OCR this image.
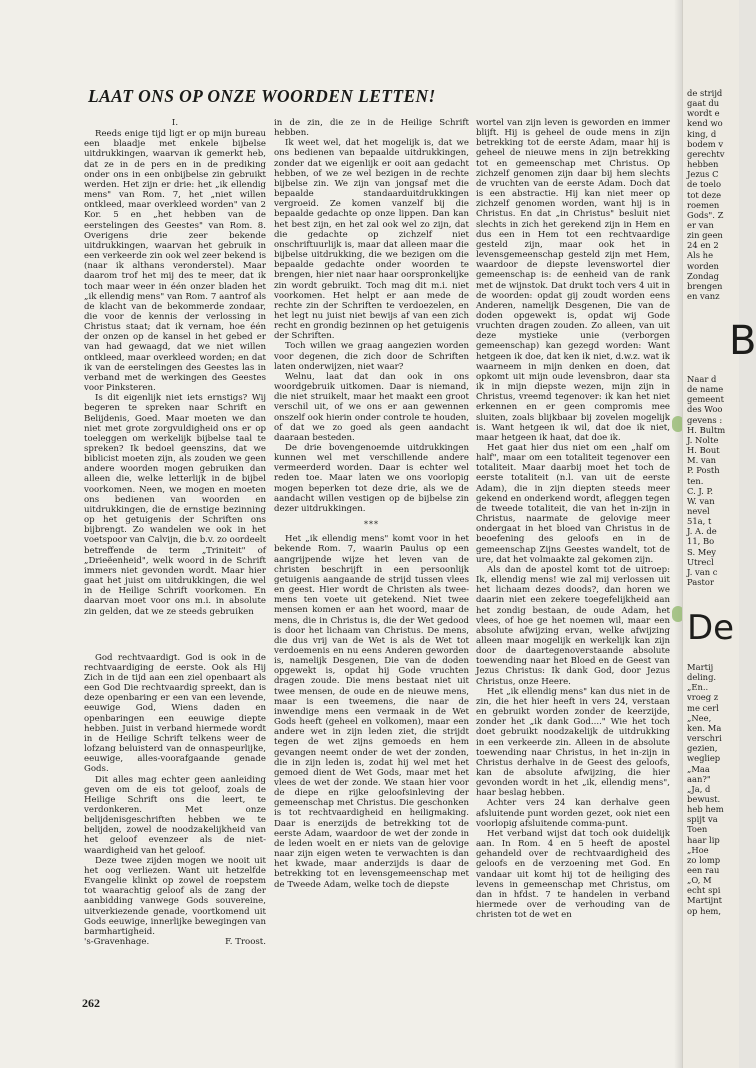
LAAT ONS OP ONZE WOORDEN LETTEN!

I.

Reeds enige tijd ligt er op mijn bureau een blaadje met enkele bijbelse uitdrukkingen, waarvan ik gemerkt heb, dat ze in de pers en in de prediking onder ons in een onbijbelse zin gebruikt werden. Het zijn er drie: het „ik ellendig mens" van Rom. 7, het „niet willen ontkleed, maar overkleed worden" van 2 Kor. 5 en „het hebben van de eerstelingen des Geestes" van Rom. 8. Overigens drie zeer bekende uitdrukkingen, waarvan het gebruik in een verkeerde zin ook wel zeer bekend is (naar ik althans veronderstel). Maar daarom trof het mij des te meer, dat ik toch maar weer in één onzer bladen het „ik ellendig mens" van Rom. 7 aantrof als de klacht van de bekommerde zondaar, die voor de kennis der verlossing in Christus staat; dat ik vernam, hoe één der onzen op de kansel in het gebed er van had gewaagd, dat we niet willen ontkleed, maar overkleed worden; en dat ik van de eerstelingen des Geestes las in verband met de werkingen des Geestes voor Pinksteren.

Is dit eigenlijk niet iets ernstigs? Wij begeren te spreken naar Schrift en Belijdenis, Goed. Maar moeten we dan niet met grote zorgvuldigheid ons er op toeleggen om werkelijk bijbelse taal te spreken? Ik bedoel geenszins, dat we biblicist moeten zijn, als zouden we geen andere woorden mogen gebruiken dan alleen die, welke letterlijk in de bijbel voorkomen. Neen, we mogen en moeten ons bedienen van woorden en uitdrukkingen, die de ernstige bezinning op het getuigenis der Schriften ons bijbrengt. Zo wandelen we ook in het voetspoor van Calvijn, die b.v. zo oordeelt betreffende de term „Triniteit" of „Drieëenheid", welk woord in de Schrift immers niet gevonden wordt. Maar hier gaat het juist om uitdrukkingen, die wel in de Heilige Schrift voorkomen. En daarvan moet voor ons m.i. in absolute zin gelden, dat we ze steeds gebruiken

God rechtvaardigt. God is ook in de rechtvaardiging de eerste. Ook als Hij Zich in de tijd aan een ziel openbaart als een God Die rechtvaardig spreekt, dan is deze openbaring er een van een levende, eeuwige God, Wiens daden en openbaringen een eeuwige diepte hebben. Juist in verband hiermede wordt in de Heilige Schrift telkens weer de lofzang beluisterd van de onnaspeurlijke, eeuwige, alles-voorafgaande genade Gods.

Dit alles mag echter geen aanleiding geven om de eis tot geloof, zoals de Heilige Schrift ons die leert, te verdonkeren. Met onze belijdenisgeschriften hebben we te belijden, zowel de noodzakelijkheid van het geloof evenzeer als de niet-waardigheid van het geloof.

Deze twee zijden mogen we nooit uit het oog verliezen. Want uit hetzelfde Evangelie klinkt op zowel de roepstem tot waarachtig geloof als de zang der aanbidding vanwege Gods souvereine, uitverkiezende genade, voortkomend uit Gods eeuwige, innerlijke bewegingen van barmhartigheid.

's-Gravenhage.	F. Troost.

in de zin, die ze in de Heilige Schrift hebben.

Ik weet wel, dat het mogelijk is, dat we ons bedienen van bepaalde uitdrukkingen, zonder dat we eigenlijk er ooit aan gedacht hebben, of we ze wel bezigen in de rechte bijbelse zin. We zijn van jongsaf met die bepaalde standaarduitdrukkingen vergroeid. Ze komen vanzelf bij die bepaalde gedachte op onze lippen. Dan kan het best zijn, en het zal ook wel zo zijn, dat die gedachte op zichzelf niet onschriftuurlijk is, maar dat alleen maar die bijbelse uitdrukking, die we bezigen om die bepaalde gedachte onder woorden te brengen, hier niet naar haar oorspronkelijke zin wordt gebruikt. Toch mag dit m.i. niet voorkomen. Het helpt er aan mede de rechte zin der Schriften te verdoezelen, en het legt nu juist niet bewijs af van een zich recht en grondig bezinnen op het getuigenis der Schriften.

Toch willen we graag aangezien worden voor degenen, die zich door de Schriften laten onderwijzen, niet waar?

Welnu, laat dat dan ook in ons woordgebruik uitkomen. Daar is niemand, die niet struikelt, maar het maakt een groot verschil uit, of we ons er aan gewennen onszelf ook hierin onder controle te houden, of dat we zo goed als geen aandacht daaraan besteden.

De drie bovengenoemde uitdrukkingen kunnen wel met verschillende andere vermeerderd worden. Daar is echter wel reden toe. Maar laten we ons voorlopig mogen beperken tot deze drie, als we de aandacht willen vestigen op de bijbelse zin dezer uitdrukkingen.

***

Het „ik ellendig mens" komt voor in het bekende Rom. 7, waarin Paulus op een aangrijpende wijze het leven van de christen beschrijft in een persoonlijk getuigenis aangaande de strijd tussen vlees en geest. Hier wordt de Christen als twee-mens ten voete uit getekend. Niet twee mensen komen er aan het woord, maar de mens, die in Christus is, die der Wet gedood is door het lichaam van Christus. De mens, die dus vrij van de Wet is als de Wet tot verdoemenis en nu eens Anderen geworden is, namelijk Desgenen, Die van de doden opgewekt is, opdat hij Gode vruchten dragen zoude. Die mens bestaat niet uit twee mensen, de oude en de nieuwe mens, maar is een tweemens, die naar de inwendige mens een vermaak in de Wet Gods heeft (geheel en volkomen), maar een andere wet in zijn leden ziet, die strijdt tegen de wet zijns gemoeds en hem gevangen neemt onder de wet der zonden, die in zijn leden is, zodat hij wel met het gemoed dient de Wet Gods, maar met het vlees de wet der zonde. We staan hier voor de diepe en rijke geloofsinleving der gemeenschap met Christus. Die geschonken is tot rechtvaardigheid en heiligmaking. Daar is enerzijds de betrekking tot de eerste Adam, waardoor de wet der zonde in de leden woelt en er niets van de gelovige naar zijn eigen weten te verwachten is dan het kwade, maar anderzijds is daar de betrekking tot en levensgemeenschap met de Tweede Adam, welke toch de diepste

wortel van zijn leven is geworden en immer blijft. Hij is geheel de oude mens in zijn betrekking tot de eerste Adam, maar hij is geheel de nieuwe mens in zijn betrekking tot en gemeenschap met Christus. Op zichzelf genomen zijn daar bij hem slechts de vruchten van de eerste Adam. Doch dat is een abstractie. Hij kan niet meer op zichzelf genomen worden, want hij is in Christus. En dat „in Christus" besluit niet slechts in zich het gerekend zijn in Hem en dus een in Hem tot een rechtvaardige gesteld zijn, maar ook het in levensgemeenschap gesteld zijn met Hem, waardoor de diepste levenswortel dier gemeenschap is: de eenheid van de rank met de wijnstok. Dat drukt toch vers 4 uit in de woorden: opdat gij zoudt worden eens Anderen, namelijk Desgenen, Die van de doden opgewekt is, opdat wij Gode vruchten dragen zouden. Zo alleen, van uit deze mystieke unie (verborgen gemeenschap) kan gezegd worden: Want hetgeen ik doe, dat ken ik niet, d.w.z. wat ik waarneem in mijn denken en doen, dat opkomt uit mijn oude levensbron, daar sta ik in mijn diepste wezen, mijn zijn in Christus, vreemd tegenover: ik kan het niet erkennen en er geen compromis mee sluiten, zoals blijkbaar bij zovelen mogelijk is. Want hetgeen ik wil, dat doe ik niet, maar hetgeen ik haat, dat doe ik.

Het gaat hier dus niet om een „half om half", maar om een totaliteit tegenover een totaliteit. Maar daarbij moet het toch de eerste totaliteit (n.l. van uit de eerste Adam), die in zijn diepten steeds meer gekend en onderkend wordt, afleggen tegen de tweede totaliteit, die van het in-zijn in Christus, naarmate de gelovige meer ondergaat in het bloed van Christus in de beoefening des geloofs en in de gemeenschap Zijns Geestes wandelt, tot de ure, dat het volmaakte zal gekomen zijn.

Als dan de apostel komt tot de uitroep: Ik, ellendig mens! wie zal mij verlossen uit het lichaam dezes doods?, dan horen we daarin niet een zekere toegefelijkheid aan het zondig bestaan, de oude Adam, het vlees, of hoe ge het noemen wil, maar een absolute afwijzing ervan, welke afwijzing alleen maar mogelijk en werkelijk kan zijn door de daartegenoverstaande absolute toewending naar het Bloed en de Geest van Jezus Christus: Ik dank God, door Jezus Christus, onze Heere.

Het „ik ellendig mens" kan dus niet in de zin, die het hier heeft in vers 24, verstaan en gebruikt worden zonder de keerzijde, zonder het „ik dank God...." Wie het toch doet gebruikt noodzakelijk de uitdrukking in een verkeerde zin. Alleen in de absolute toewending naar Christus, in het in-zijn in Christus derhalve in de Geest des geloofs, kan de absolute afwijzing, die hier gevonden wordt in het „ik, ellendig mens", haar beslag hebben.

Achter vers 24 kan derhalve geen afsluitende punt worden gezet, ook niet een voorlopig afsluitende comma-punt.

Het verband wijst dat toch ook duidelijk aan. In Rom. 4 en 5 heeft de apostel gehandeld over de rechtvaardigheid des geloofs en de verzoening met God. En vandaar uit komt hij tot de heiliging des levens in gemeenschap met Christus, om dan in hfdst. 7 te handelen in verband hiermede over de verhouding van de christen tot de wet en

262
de strijd
gaat du
wordt e
kend wo
king, d
bodem v
gerechtv
hebben
Jezus C
de toelo
tot deze
roemen
Gods". Z
er van
zin geen
24 en 2
Als he
worden
Zondag
brengen
en vanz
B
Naar d
de name
gemeent
des Woo
gevens :
H. Bultm
J. Nolte
H. Bout
M. van
P. Posth
ten.
C. J. P.
W. van
nevel
51a, t
J. A. de
11, Bo
S. Mey
Utrecl
J. van c
Pastor
De
Martij
deling.
„En..
vroeg z
me cerl
„Nee,
ken. Ma
verschri
gezien,
wegliep
„Maa
aan?"
„Ja, d
bewust.
heb hem
spijt va
Toen
haar lip
„Hoe
zo lomp
een rau
„O, M
echt spi
Martijnt
op hem,
